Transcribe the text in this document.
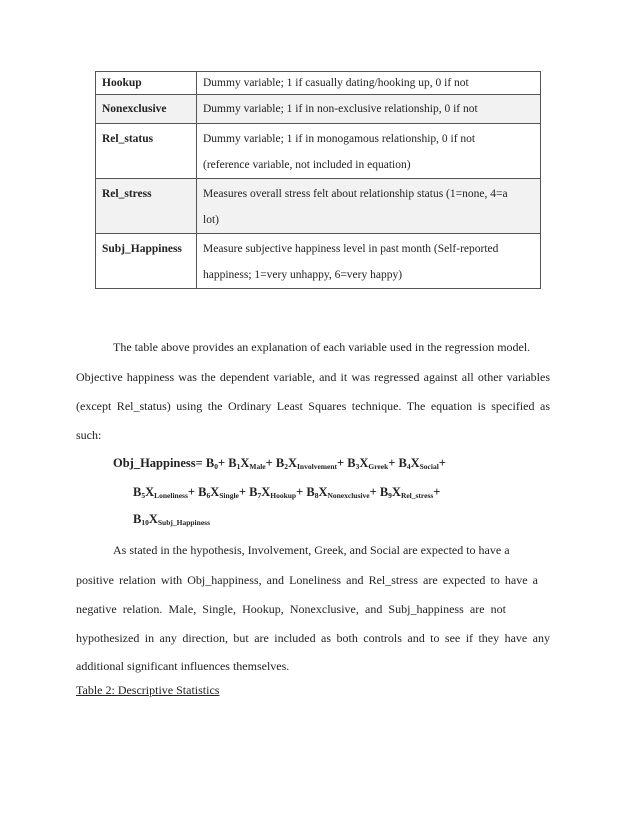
Hookup	Dummy variable; 1 if casually dating/hooking up, 0 if not

Nonexclusive	Dummy variable; 1 if in non-exclusive relationship, 0 if not

Rel_status	Dummy variable; 1 if in monogamous relationship, 0 if not
(reference variable, not included in equation)

Rel_stress	Measures overall stress felt about relationship status (1=none, 4=a
lot)

Subj_Happiness	Measure subjective happiness level in past month (Self-reported
happiness; 1=very unhappy, 6=very happy)
The table above provides an explanation of each variable used in the regression model.
Objective happiness was the dependent variable, and it was regressed against all other variables
(except Rel_status) using the Ordinary Least Squares technique. The equation is specified as
such:
Obj_Happiness= $B_0+ B_1X_{Male}+ B_2X_{Involvement}+ B_3X_{Greek}+ B_4X_{Social}+$
$B_5X_{Loneliness}+ B_6X_{Single}+ B_7X_{Hookup}+ B_8X_{Nonexclusive}+ B_9X_{Rel\_stress}+$
$B_{10}X_{Subj\_Happiness}$
As stated in the hypothesis, Involvement, Greek, and Social are expected to have a
positive relation with Obj_happiness, and Loneliness and Rel_stress are expected to have a
negative relation. Male, Single, Hookup, Nonexclusive, and Subj_happiness are not
hypothesized in any direction, but are included as both controls and to see if they have any
additional significant influences themselves.
Table 2: Descriptive Statistics
